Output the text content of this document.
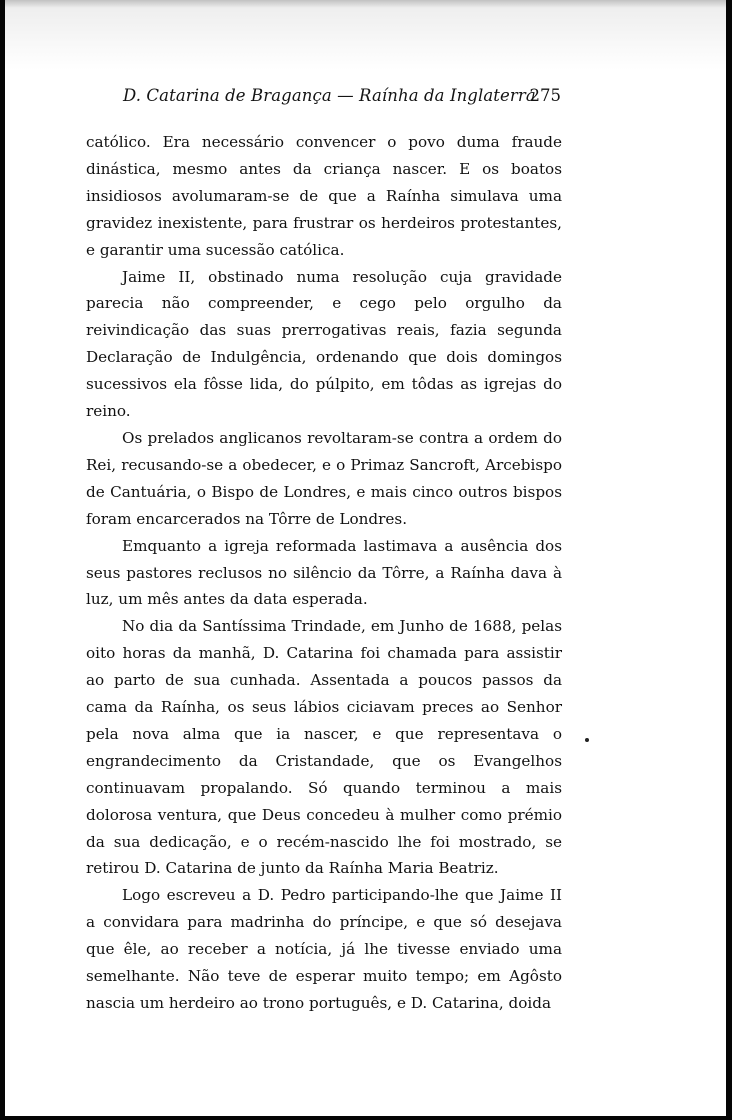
D. Catarina de Bragança — Raínha da Inglaterra
275

católico. Era necessário convencer o povo duma fraude dinástica, mesmo antes da criança nascer. E os boatos insidiosos avolumaram-se de que a Raínha simulava uma gravidez inexistente, para frustrar os herdeiros protestantes, e garantir uma sucessão católica.

Jaime II, obstinado numa resolução cuja gravidade parecia não compreender, e cego pelo orgulho da reivindicação das suas prerrogativas reais, fazia segunda Declaração de Indulgência, ordenando que dois domingos sucessivos ela fôsse lida, do púlpito, em tôdas as igrejas do reino.

Os prelados anglicanos revoltaram-se contra a ordem do Rei, recusando-se a obedecer, e o Primaz Sancroft, Arcebispo de Cantuária, o Bispo de Londres, e mais cinco outros bispos foram encarcerados na Tôrre de Londres.

Emquanto a igreja reformada lastimava a ausência dos seus pastores reclusos no silêncio da Tôrre, a Raínha dava à luz, um mês antes da data esperada.

No dia da Santíssima Trindade, em Junho de 1688, pelas oito horas da manhã, D. Catarina foi chamada para assistir ao parto de sua cunhada. Assentada a poucos passos da cama da Raínha, os seus lábios ciciavam preces ao Senhor pela nova alma que ia nascer, e que representava o engrandecimento da Cristandade, que os Evangelhos continuavam propalando. Só quando terminou a mais dolorosa ventura, que Deus concedeu à mulher como prémio da sua dedicação, e o recém-nascido lhe foi mostrado, se retirou D. Catarina de junto da Raínha Maria Beatriz.

Logo escreveu a D. Pedro participando-lhe que Jaime II a convidara para madrinha do príncipe, e que só desejava que êle, ao receber a notícia, já lhe tivesse enviado uma semelhante. Não teve de esperar muito tempo; em Agôsto nascia um herdeiro ao trono português, e D. Catarina, doida
